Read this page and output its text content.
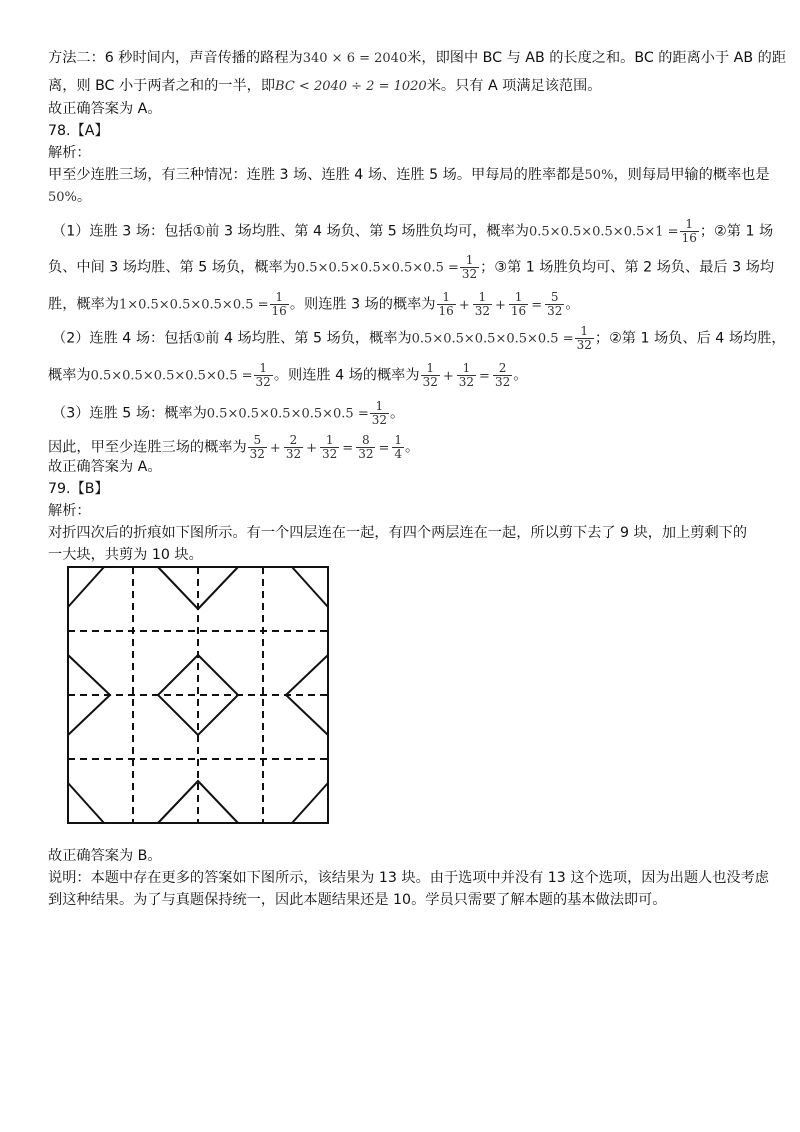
方法二：6 秒时间内，声音传播的路程为340 × 6 = 2040米，即图中 BC 与 AB 的长度之和。BC 的距离小于 AB 的距
离，则 BC 小于两者之和的一半，即BC < 2040 ÷ 2 = 1020米。只有 A 项满足该范围。
故正确答案为 A。
78.【A】
解析：
甲至少连胜三场，有三种情况：连胜 3 场、连胜 4 场、连胜 5 场。甲每局的胜率都是50%，则每局甲输的概率也是
50%。
（1）连胜 3 场：包括①前 3 场均胜、第 4 场负、第 5 场胜负均可，概率为$0.5\times 0.5\times 0.5\times 0.5\times 1 = \frac{1}{16}$ ；②第 1 场
负、中间 3 场均胜、第 5 场负，概率为$0.5\times 0.5\times 0.5\times 0.5\times 0.5 = \frac{1}{32}$ ；③第 1 场胜负均可、第 2 场负、最后 3 场均
胜，概率为$1\times 0.5\times 0.5\times 0.5\times 0.5 = \frac{1}{16}$ 。则连胜 3 场的概率为 $\frac{1}{16} + \frac{1}{32} + \frac{1}{16} = \frac{5}{32}$ 。
（2）连胜 4 场：包括①前 4 场均胜、第 5 场负，概率为$0.5\times 0.5\times 0.5\times 0.5\times 0.5 = \frac{1}{32}$ ；②第 1 场负、后 4 场均胜，
概率为$0.5\times 0.5\times 0.5\times 0.5\times 0.5 = \frac{1}{32}$ 。则连胜 4 场的概率为 $\frac{1}{32} + \frac{1}{32} = \frac{2}{32}$ 。
（3）连胜 5 场：概率为$0.5\times 0.5\times 0.5\times 0.5\times 0.5 = \frac{1}{32}$ 。
因此，甲至少连胜三场的概率为 $\frac{5}{32} + \frac{2}{32} + \frac{1}{32} = \frac{8}{32} = \frac{1}{4}$ 。
故正确答案为 A。
79.【B】
解析：
对折四次后的折痕如下图所示。有一个四层连在一起，有四个两层连在一起，所以剪下去了 9 块，加上剪剩下的
一大块，共剪为 10 块。
故正确答案为 B。
说明：本题中存在更多的答案如下图所示，该结果为 13 块。由于选项中并没有 13 这个选项，因为出题人也没考虑
到这种结果。为了与真题保持统一，因此本题结果还是 10。学员只需要了解本题的基本做法即可。
